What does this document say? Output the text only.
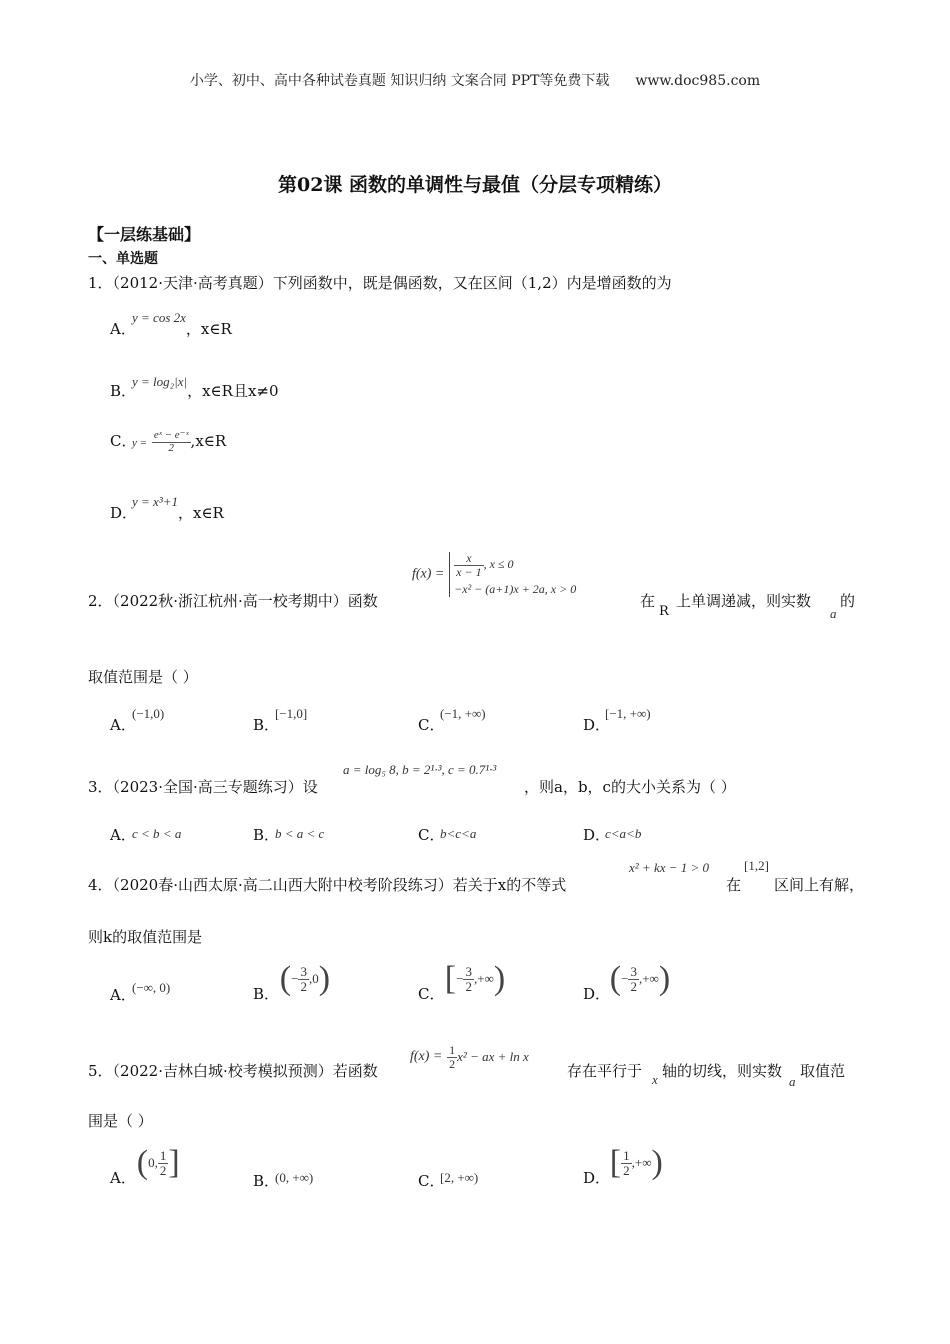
小学、初中、高中各种试卷真题 知识归纳 文案合同 PPT等免费下载 www.doc985.com
第02课 函数的单调性与最值（分层专项精练）
【一层练基础】
一、单选题
1．（2012·天津·高考真题）下列函数中，既是偶函数，又在区间（1,2）内是增函数的为
A．y = cos 2x，x∈R
B．y = log₂|x|，x∈R且x≠0
C．$y = \frac{\text{eˣ − e⁻ˣ}}{2}$ ,x∈R
D．y = x³+1，x∈R
2．（2022秋·浙江杭州·高一校考期中）函数
$f(x) = \frac{x}{x - 1}$ , x ≤ 0
−x² − (a+1)x + 2a, x > 0
在
R
上单调递减，则实数
a
的
取值范围是（ ）
A．(−1,0)
B．[−1,0]
C．(−1, +∞)
D．[−1, +∞)
3．（2023·全国·高三专题练习）设
a = log₅ 8, b = 2¹·³, c = 0.7¹·³
，则a，b，c的大小关系为（ ）
A．c < b < a	B．b < a < c	C．b<c<a	D．c<a<b
4．（2020春·山西太原·高二山西大附中校考阶段练习）若关于x的不等式
x² + kx − 1 > 0
在
[1,2]
区间上有解，
则k的取值范围是
A．(−∞, 0)	B． (− $\frac{3}{2} ,0$)	C． [− $\frac{3}{2}$ ,+∞)	D． (− $\frac{3}{2}$ ,+∞)
5．（2022·吉林白城·校考模拟预测）若函数
$f(x) = \frac{1}{2} x^2$ − ax + ln x
存在平行于 x 轴的切线，则实数
a
取值范
围是（ ）
A． (0, $\frac{1}{2}$ ]	B．(0, +∞)	C．[2, +∞)	D． [ $\frac{1}{2}$ ,+∞)
